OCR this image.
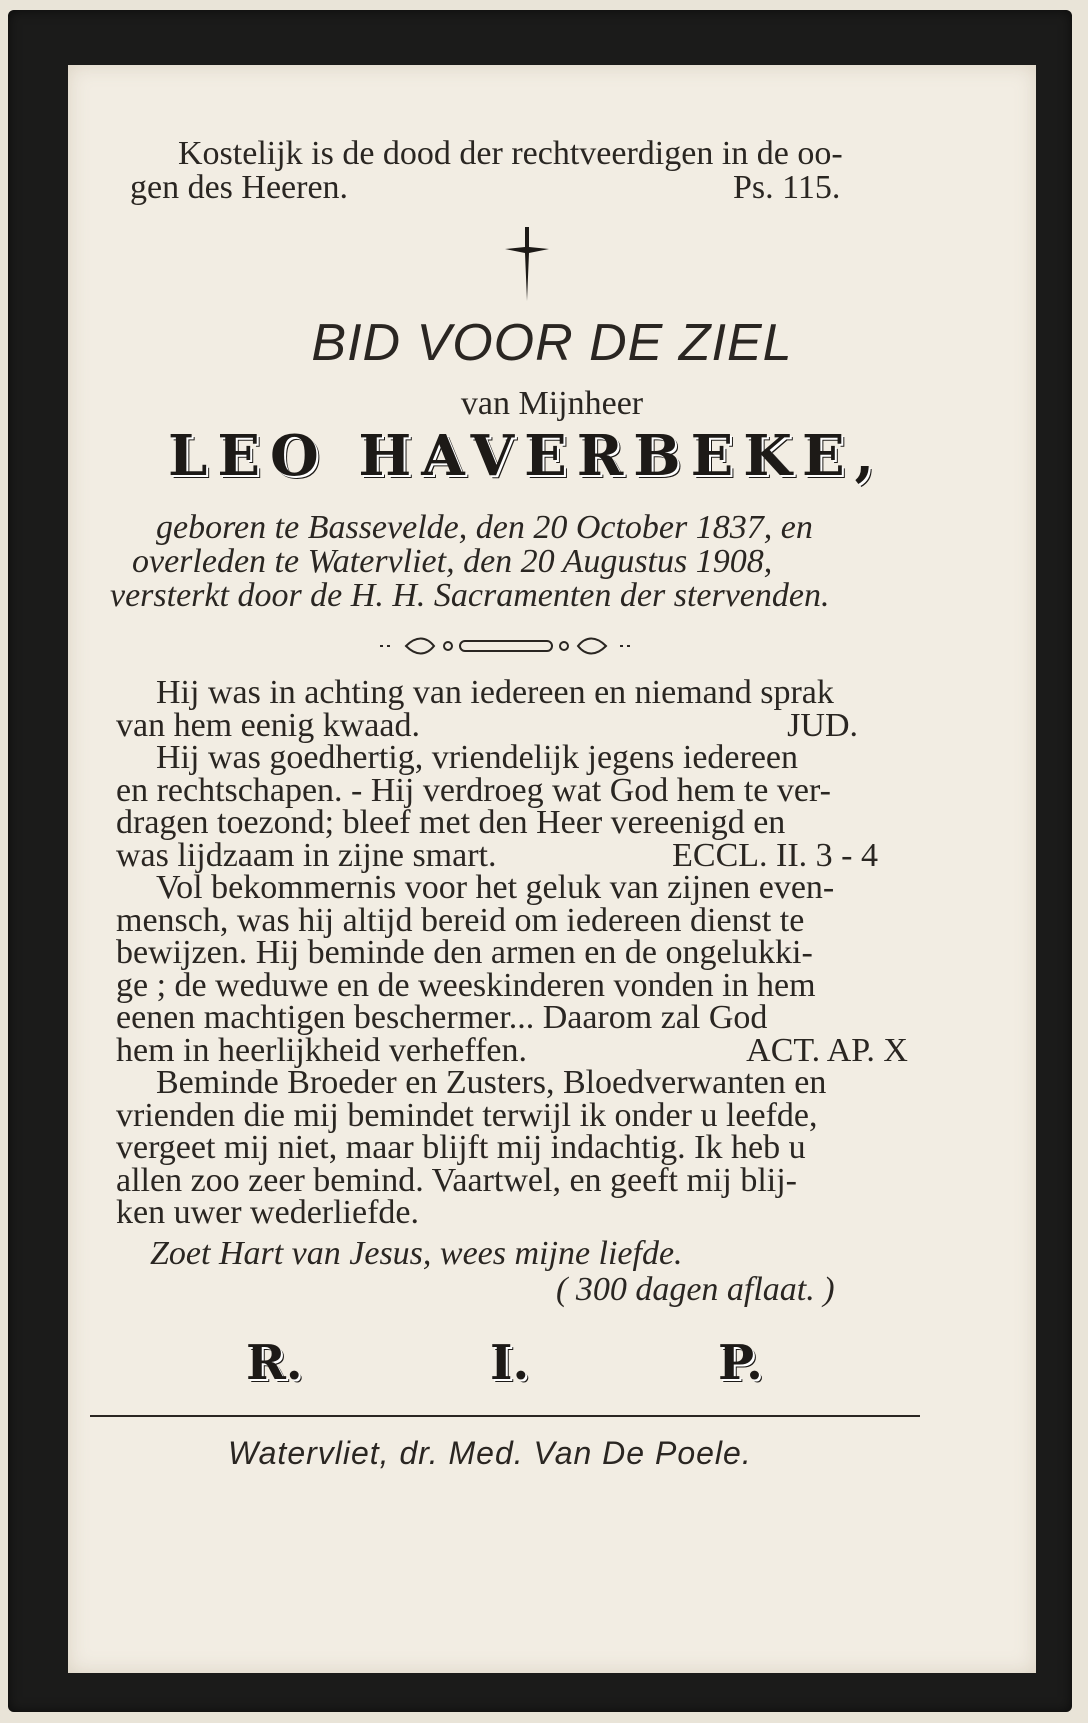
Kostelijk is de dood der rechtveerdigen in de oo-
gen des Heeren.	Ps. 115.
BID VOOR DE ZIEL
van Mijnheer
LEO HAVERBEKE,
geboren te Bassevelde, den 20 October 1837, en
overleden te Watervliet, den 20 Augustus 1908,
versterkt door de H. H. Sacramenten der stervenden.
Hij was in achting van iedereen en niemand sprak
van hem eenig kwaad.	JUD.
Hij was goedhertig, vriendelijk jegens iedereen
en rechtschapen. - Hij verdroeg wat God hem te ver-
dragen toezond; bleef met den Heer vereenigd en
was lijdzaam in zijne smart.	ECCL. II. 3 - 4
Vol bekommernis voor het geluk van zijnen even-
mensch, was hij altijd bereid om iedereen dienst te
bewijzen. Hij beminde den armen en de ongelukki-
ge ; de weduwe en de weeskinderen vonden in hem
eenen machtigen beschermer... Daarom zal God
hem in heerlijkheid verheffen.	ACT. AP. X
Beminde Broeder en Zusters, Bloedverwanten en
vrienden die mij bemindet terwijl ik onder u leefde,
vergeet mij niet, maar blijft mij indachtig. Ik heb u
allen zoo zeer bemind. Vaartwel, en geeft mij blij-
ken uwer wederliefde.
Zoet Hart van Jesus, wees mijne liefde.
( 300 dagen aflaat. )
R.	I.	P.
Watervliet, dr. Med. Van De Poele.
